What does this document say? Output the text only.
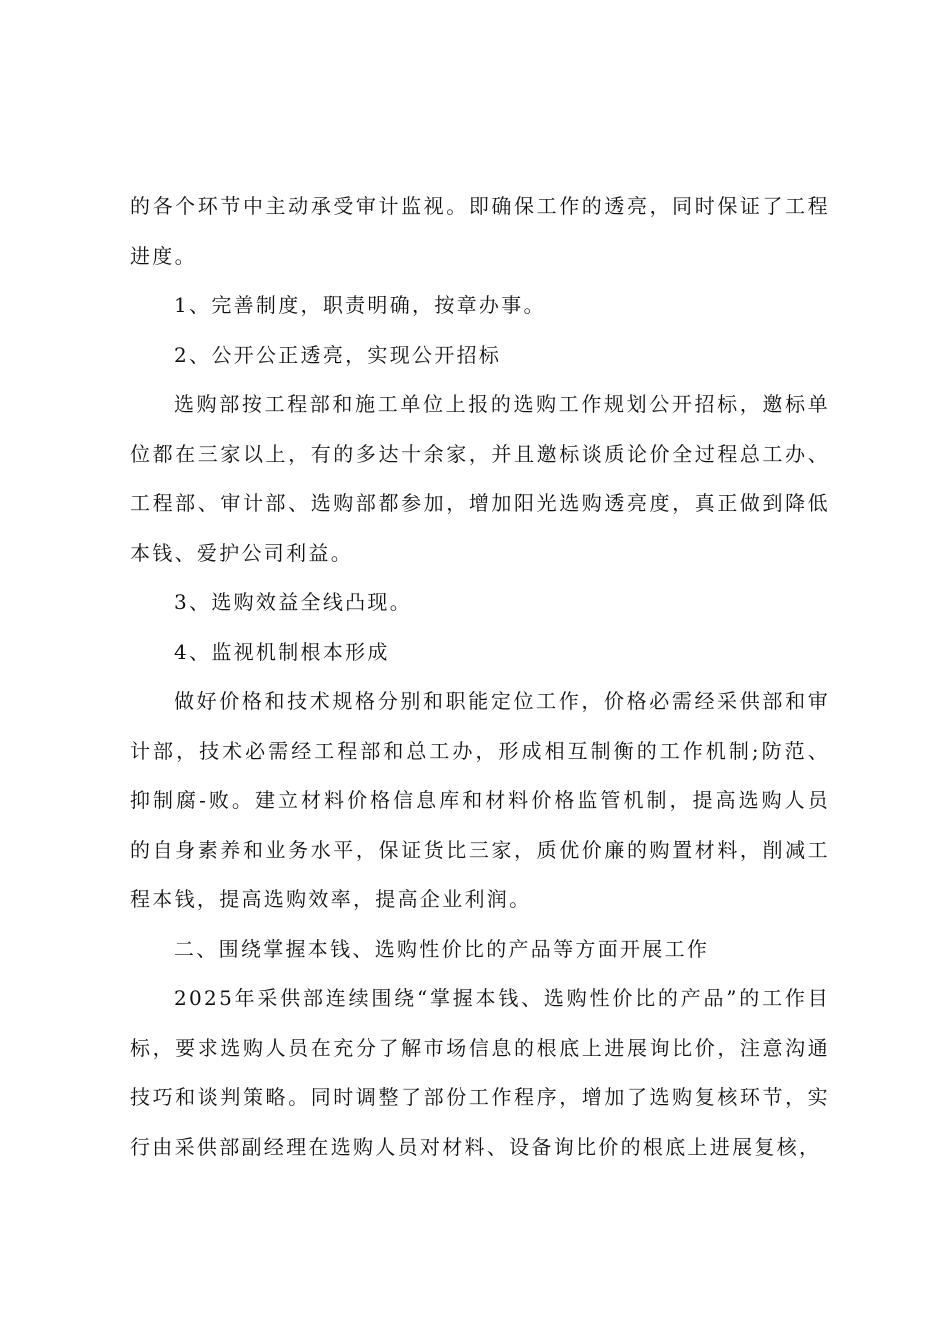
的各个环节中主动承受审计监视。即确保工作的透亮，同时保证了工程进度。

1、完善制度，职责明确，按章办事。

2、公开公正透亮，实现公开招标

选购部按工程部和施工单位上报的选购工作规划公开招标，邀标单位都在三家以上，有的多达十余家，并且邀标谈质论价全过程总工办、工程部、审计部、选购部都参加，增加阳光选购透亮度，真正做到降低本钱、爱护公司利益。

3、选购效益全线凸现。

4、监视机制根本形成

做好价格和技术规格分别和职能定位工作，价格必需经采供部和审计部，技术必需经工程部和总工办，形成相互制衡的工作机制;防范、抑制腐-败。建立材料价格信息库和材料价格监管机制，提高选购人员的自身素养和业务水平，保证货比三家，质优价廉的购置材料，削减工程本钱，提高选购效率，提高企业利润。

二、围绕掌握本钱、选购性价比的产品等方面开展工作

2025年采供部连续围绕“掌握本钱、选购性价比的产品”的工作目标，要求选购人员在充分了解市场信息的根底上进展询比价，注意沟通技巧和谈判策略。同时调整了部份工作程序，增加了选购复核环节，实行由采供部副经理在选购人员对材料、设备询比价的根底上进展复核，
